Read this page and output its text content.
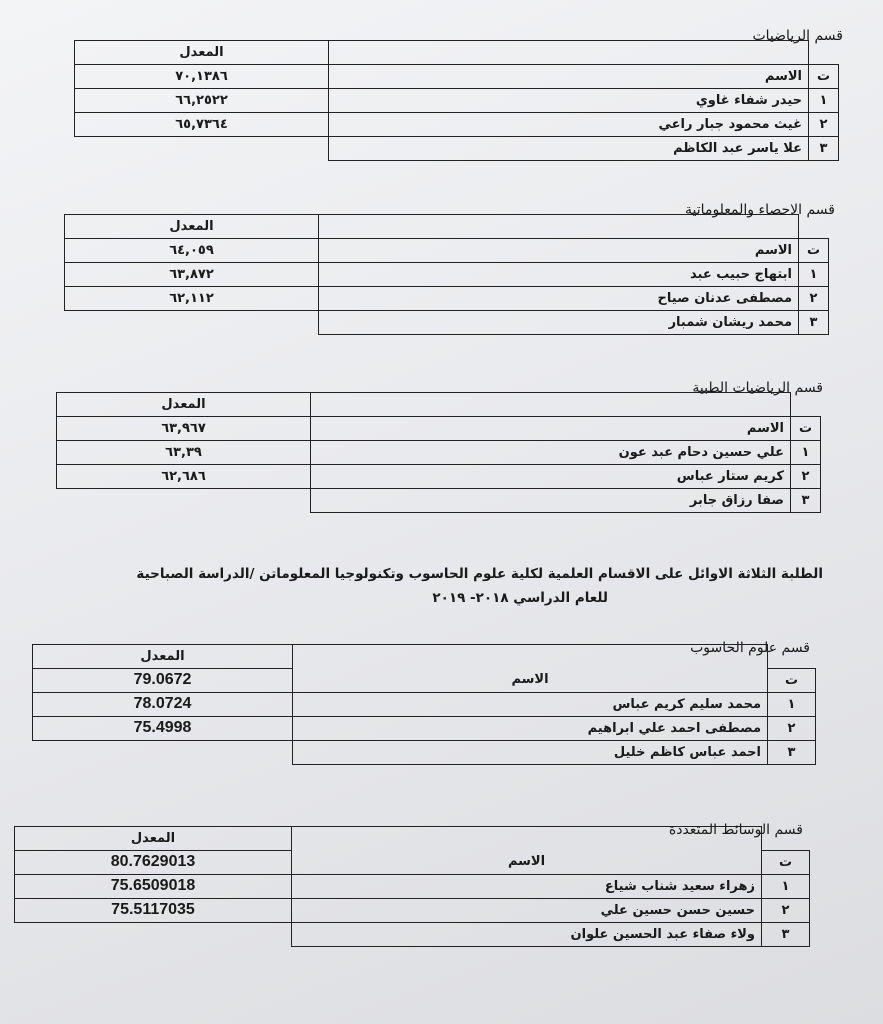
قسم الرياضيات
		المعدل
ت	الاسم	٧٠,١٣٨٦
١	حيدر شفاء غاوي	٦٦,٢٥٢٢
٢	غيث محمود جبار راعي	٦٥,٧٣٦٤
٣	علا ياسر عبد الكاظم	
قسم الاحصاء والمعلوماتية
		المعدل
ت	الاسم	٦٤,٠٥٩
١	ابتهاج حبيب عبد	٦٣,٨٧٢
٢	مصطفى عدنان صياح	٦٢,١١٢
٣	محمد ريشان شمبار	
قسم الرياضيات الطبية
		المعدل
ت	الاسم	٦٣,٩٦٧
١	علي حسين دحام عبد عون	٦٣,٣٩
٢	كريم ستار عباس	٦٢,٦٨٦
٣	صفا رزاق جابر	
الطلبة الثلاثة الاوائل على الاقسام العلمية لكلية علوم الحاسوب وتكنولوجيا المعلوماتن /الدراسة الصباحية
للعام الدراسي ٢٠١٨- ٢٠١٩
قسم علوم الحاسوب
		المعدل
ت	الاسم	79.0672
١	محمد سليم كريم عباس	78.0724
٢	مصطفى احمد علي ابراهيم	75.4998
٣	احمد عباس كاظم خليل	
قسم الوسائط المتعددة
		المعدل
ت	الاسم	80.7629013
١	زهراء سعيد شناب شياع	75.6509018
٢	حسين حسن حسين علي	75.5117035
٣	ولاء صفاء عبد الحسين علوان	
